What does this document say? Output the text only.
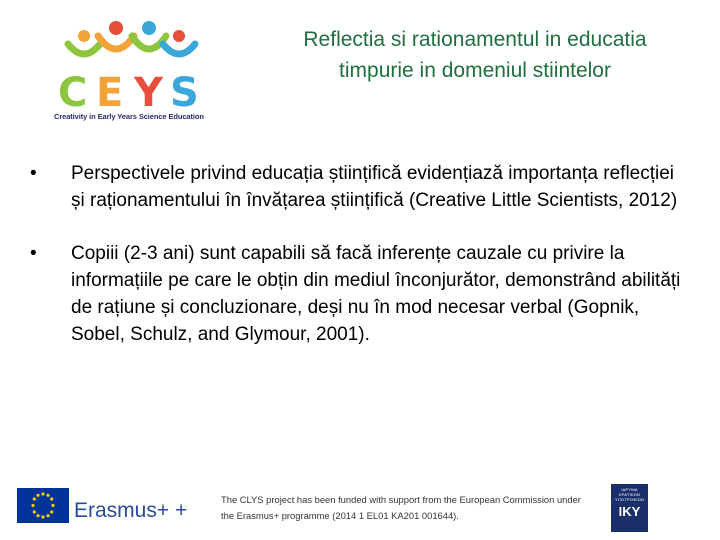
C E Y S
Creativity in Early Years Science Education
Reflectia si rationamentul in educatia timpurie in domeniul stiintelor
• Perspectivele privind educația științifică evidențiază importanța reflecției și raționamentului în învățarea științifică (Creative Little Scientists, 2012)
• Copiii (2-3 ani) sunt capabili să facă inferențe cauzale cu privire la informațiile pe care le obțin din mediul înconjurător, demonstrând abilități de rațiune și concluzionare, deși nu în mod necesar verbal (Gopnik, Sobel, Schulz, and Glymour, 2001).
Erasmus+ +	The CLYS project has been funded with support from the European Commission under the Erasmus+ programme (2014 1 EL01 KA201 001644).
ΙΔΡΥΜΑ ΚΡΑΤΙΚΩΝ ΥΠΟΤΡΟΦΙΩΝ
IKY
